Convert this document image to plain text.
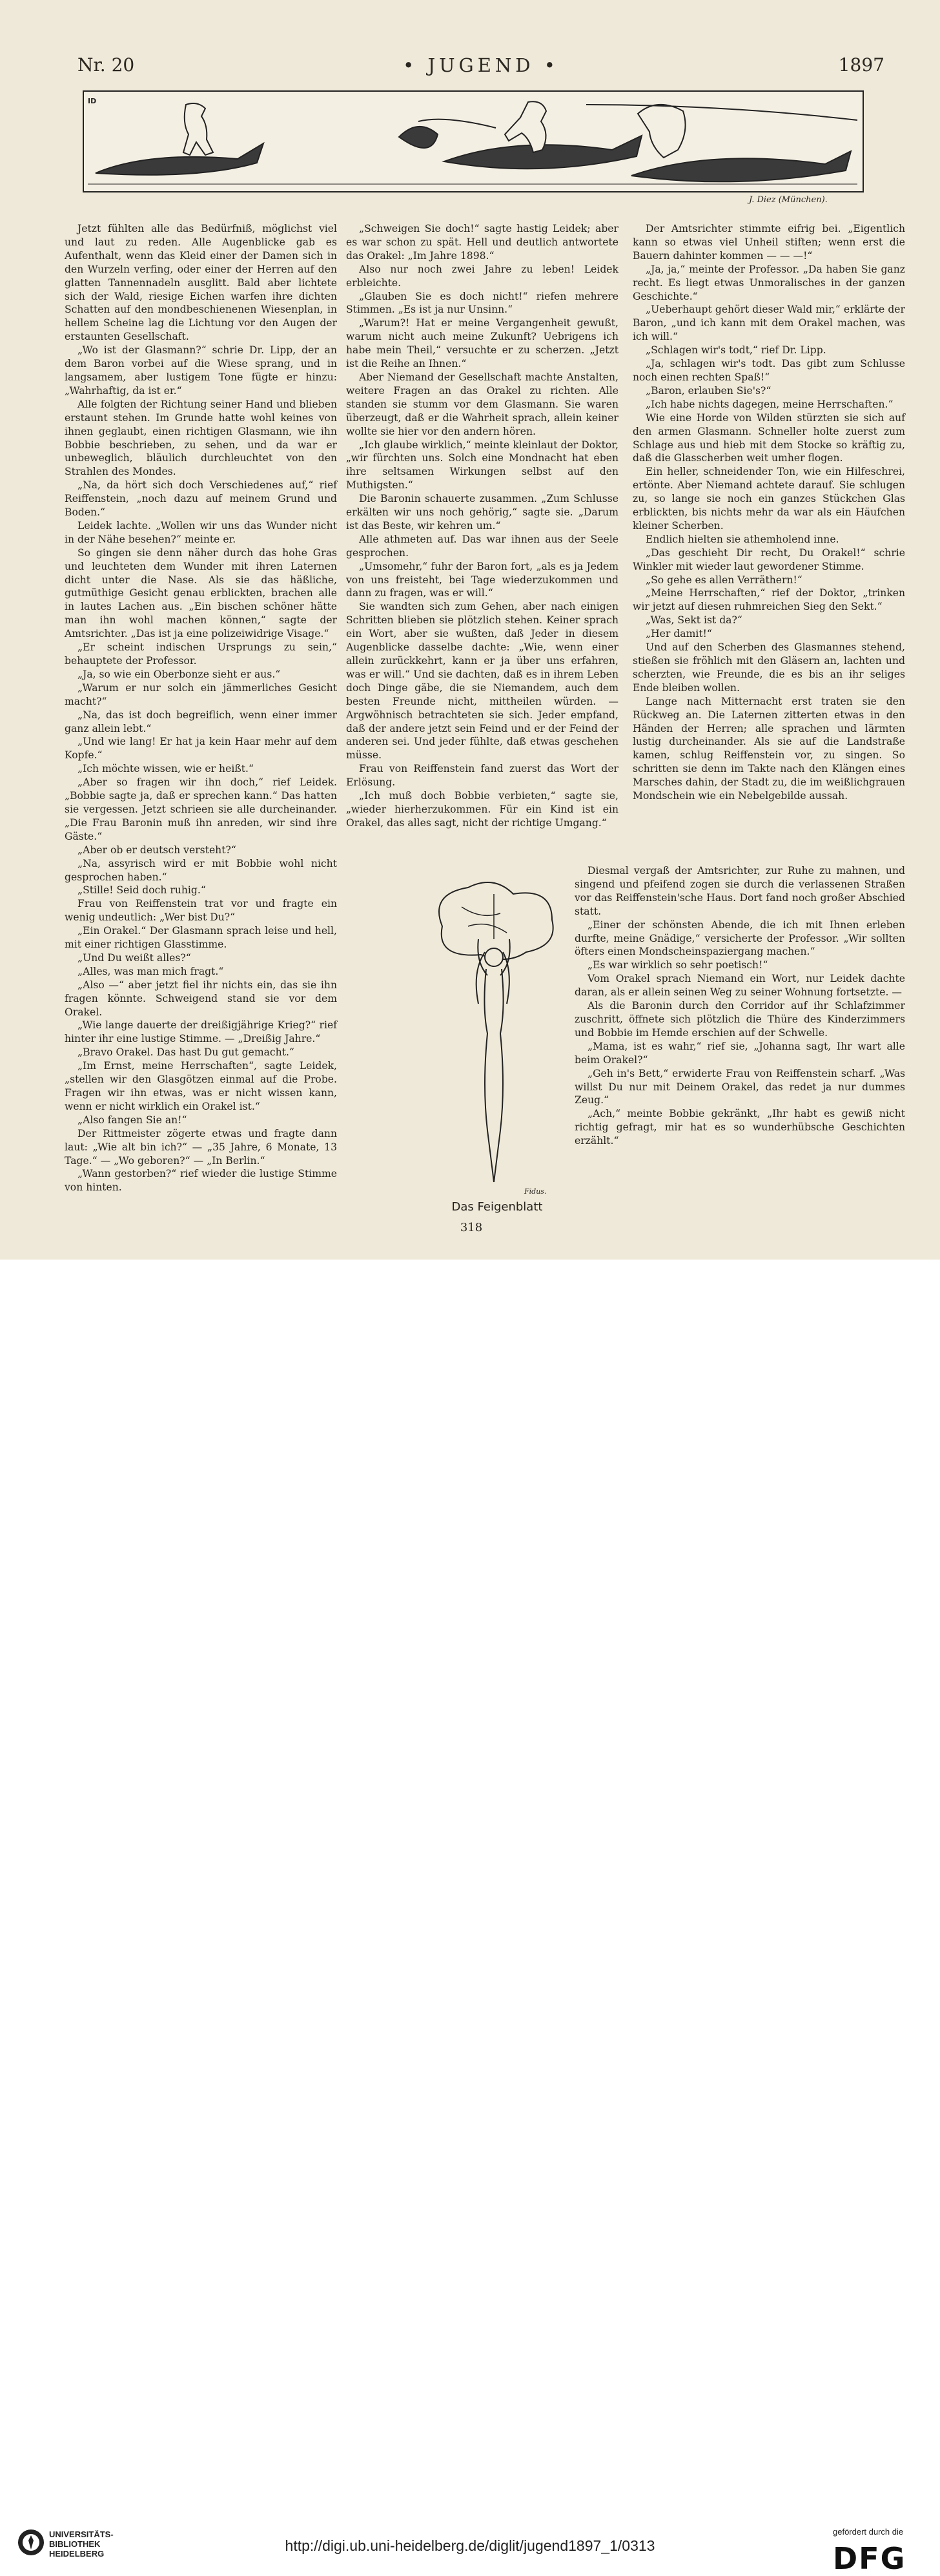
Nr. 20	• JUGEND •	1897
ID
J. Diez (München).

Jetzt fühlten alle das Bedürfniß, möglichst viel und laut zu reden. Alle Augenblicke gab es Aufenthalt, wenn das Kleid einer der Damen sich in den Wurzeln verfing, oder einer der Herren auf den glatten Tannennadeln ausglitt. Bald aber lichtete sich der Wald, riesige Eichen warfen ihre dichten Schatten auf den mondbeschienenen Wiesenplan, in hellem Scheine lag die Lichtung vor den Augen der erstaunten Gesellschaft.

„Wo ist der Glasmann?“ schrie Dr. Lipp, der an dem Baron vorbei auf die Wiese sprang, und in langsamem, aber lustigem Tone fügte er hinzu: „Wahrhaftig, da ist er.“

Alle folgten der Richtung seiner Hand und blieben erstaunt stehen. Im Grunde hatte wohl keines von ihnen geglaubt, einen richtigen Glasmann, wie ihn Bobbie beschrieben, zu sehen, und da war er unbeweglich, bläulich durchleuchtet von den Strahlen des Mondes.

„Na, da hört sich doch Verschiedenes auf,“ rief Reiffenstein, „noch dazu auf meinem Grund und Boden.“

Leidek lachte. „Wollen wir uns das Wunder nicht in der Nähe besehen?“ meinte er.

So gingen sie denn näher durch das hohe Gras und leuchteten dem Wunder mit ihren Laternen dicht unter die Nase. Als sie das häßliche, gutmüthige Gesicht genau erblickten, brachen alle in lautes Lachen aus. „Ein bischen schöner hätte man ihn wohl machen können,“ sagte der Amtsrichter. „Das ist ja eine polizeiwidrige Visage.“

„Er scheint indischen Ursprungs zu sein,“ behauptete der Professor.

„Ja, so wie ein Oberbonze sieht er aus.“

„Warum er nur solch ein jämmerliches Gesicht macht?“

„Na, das ist doch begreiflich, wenn einer immer ganz allein lebt.“

„Und wie lang! Er hat ja kein Haar mehr auf dem Kopfe.“

„Ich möchte wissen, wie er heißt.“

„Aber so fragen wir ihn doch,“ rief Leidek. „Bobbie sagte ja, daß er sprechen kann.“ Das hatten sie vergessen. Jetzt schrieen sie alle durcheinander. „Die Frau Baronin muß ihn anreden, wir sind ihre Gäste.“

„Aber ob er deutsch versteht?“

„Na, assyrisch wird er mit Bobbie wohl nicht gesprochen haben.“

„Stille! Seid doch ruhig.“

Frau von Reiffenstein trat vor und fragte ein wenig undeutlich: „Wer bist Du?“

„Ein Orakel.“ Der Glasmann sprach leise und hell, mit einer richtigen Glasstimme.

„Und Du weißt alles?“

„Alles, was man mich fragt.“

„Also —“ aber jetzt fiel ihr nichts ein, das sie ihn fragen könnte. Schweigend stand sie vor dem Orakel.

„Wie lange dauerte der dreißigjährige Krieg?“ rief hinter ihr eine lustige Stimme. — „Dreißig Jahre.“

„Bravo Orakel. Das hast Du gut gemacht.“

„Im Ernst, meine Herrschaften“, sagte Leidek, „stellen wir den Glasgötzen einmal auf die Probe. Fragen wir ihn etwas, was er nicht wissen kann, wenn er nicht wirklich ein Orakel ist.“

„Also fangen Sie an!“

Der Rittmeister zögerte etwas und fragte dann laut: „Wie alt bin ich?“ — „35 Jahre, 6 Monate, 13 Tage.“ — „Wo geboren?“ — „In Berlin.“

„Wann gestorben?“ rief wieder die lustige Stimme von hinten.

„Schweigen Sie doch!“ sagte hastig Leidek; aber es war schon zu spät. Hell und deutlich antwortete das Orakel: „Im Jahre 1898.“

Also nur noch zwei Jahre zu leben! Leidek erbleichte.

„Glauben Sie es doch nicht!“ riefen mehrere Stimmen. „Es ist ja nur Unsinn.“

„Warum?! Hat er meine Vergangenheit gewußt, warum nicht auch meine Zukunft? Uebrigens ich habe mein Theil,“ versuchte er zu scherzen. „Jetzt ist die Reihe an Ihnen.“

Aber Niemand der Gesellschaft machte Anstalten, weitere Fragen an das Orakel zu richten. Alle standen sie stumm vor dem Glasmann. Sie waren überzeugt, daß er die Wahrheit sprach, allein keiner wollte sie hier vor den andern hören.

„Ich glaube wirklich,“ meinte kleinlaut der Doktor, „wir fürchten uns. Solch eine Mondnacht hat eben ihre seltsamen Wirkungen selbst auf den Muthigsten.“

Die Baronin schauerte zusammen. „Zum Schlusse erkälten wir uns noch gehörig,“ sagte sie. „Darum ist das Beste, wir kehren um.“

Alle athmeten auf. Das war ihnen aus der Seele gesprochen.

„Umsomehr,“ fuhr der Baron fort, „als es ja Jedem von uns freisteht, bei Tage wiederzukommen und dann zu fragen, was er will.“

Sie wandten sich zum Gehen, aber nach einigen Schritten blieben sie plötzlich stehen. Keiner sprach ein Wort, aber sie wußten, daß Jeder in diesem Augenblicke dasselbe dachte: „Wie, wenn einer allein zurückkehrt, kann er ja über uns erfahren, was er will.“ Und sie dachten, daß es in ihrem Leben doch Dinge gäbe, die sie Niemandem, auch dem besten Freunde nicht, mittheilen würden. — Argwöhnisch betrachteten sie sich. Jeder empfand, daß der andere jetzt sein Feind und er der Feind der anderen sei. Und jeder fühlte, daß etwas geschehen müsse.

Frau von Reiffenstein fand zuerst das Wort der Erlösung.

„Ich muß doch Bobbie verbieten,“ sagte sie, „wieder hierherzukommen. Für ein Kind ist ein Orakel, das alles sagt, nicht der richtige Umgang.“

Der Amtsrichter stimmte eifrig bei. „Eigentlich kann so etwas viel Unheil stiften; wenn erst die Bauern dahinter kommen — — —!“

„Ja, ja,“ meinte der Professor. „Da haben Sie ganz recht. Es liegt etwas Unmoralisches in der ganzen Geschichte.“

„Ueberhaupt gehört dieser Wald mir,“ erklärte der Baron, „und ich kann mit dem Orakel machen, was ich will.“

„Schlagen wir's todt,“ rief Dr. Lipp.

„Ja, schlagen wir's todt. Das gibt zum Schlusse noch einen rechten Spaß!“

„Baron, erlauben Sie's?“

„Ich habe nichts dagegen, meine Herrschaften.“

Wie eine Horde von Wilden stürzten sie sich auf den armen Glasmann. Schneller holte zuerst zum Schlage aus und hieb mit dem Stocke so kräftig zu, daß die Glasscherben weit umher flogen.

Ein heller, schneidender Ton, wie ein Hilfeschrei, ertönte. Aber Niemand achtete darauf. Sie schlugen zu, so lange sie noch ein ganzes Stückchen Glas erblickten, bis nichts mehr da war als ein Häufchen kleiner Scherben.

Endlich hielten sie athemholend inne.

„Das geschieht Dir recht, Du Orakel!“ schrie Winkler mit wieder laut gewordener Stimme.

„So gehe es allen Verräthern!“

„Meine Herrschaften,“ rief der Doktor, „trinken wir jetzt auf diesen ruhmreichen Sieg den Sekt.“

„Was, Sekt ist da?“

„Her damit!“

Und auf den Scherben des Glasmannes stehend, stießen sie fröhlich mit den Gläsern an, lachten und scherzten, wie Freunde, die es bis an ihr seliges Ende bleiben wollen.

Lange nach Mitternacht erst traten sie den Rückweg an. Die Laternen zitterten etwas in den Händen der Herren; alle sprachen und lärmten lustig durcheinander. Als sie auf die Landstraße kamen, schlug Reiffenstein vor, zu singen. So schritten sie denn im Takte nach den Klängen eines Marsches dahin, der Stadt zu, die im weißlichgrauen Mondschein wie ein Nebelgebilde aussah.

Diesmal vergaß der Amtsrichter, zur Ruhe zu mahnen, und singend und pfeifend zogen sie durch die verlassenen Straßen vor das Reiffenstein'sche Haus. Dort fand noch großer Abschied statt.

„Einer der schönsten Abende, die ich mit Ihnen erleben durfte, meine Gnädige,“ versicherte der Professor. „Wir sollten öfters einen Mondscheinspaziergang machen.“

„Es war wirklich so sehr poetisch!“

Vom Orakel sprach Niemand ein Wort, nur Leidek dachte daran, als er allein seinen Weg zu seiner Wohnung fortsetzte. —

Als die Baronin durch den Corridor auf ihr Schlafzimmer zuschritt, öffnete sich plötzlich die Thüre des Kinderzimmers und Bobbie im Hemde erschien auf der Schwelle.

„Mama, ist es wahr,“ rief sie, „Johanna sagt, Ihr wart alle beim Orakel?“

„Geh in's Bett,“ erwiderte Frau von Reiffenstein scharf. „Was willst Du nur mit Deinem Orakel, das redet ja nur dummes Zeug.“

„Ach,“ meinte Bobbie gekränkt, „Ihr habt es gewiß nicht richtig gefragt, mir hat es so wunderhübsche Geschichten erzählt.“

Fidus.
Das Feigenblatt
318
UNIVERSITÄTS-
BIBLIOTHEK
HEIDELBERG	http://digi.ub.uni-heidelberg.de/diglit/jugend1897_1/0313
gefördert durch die
DFG
